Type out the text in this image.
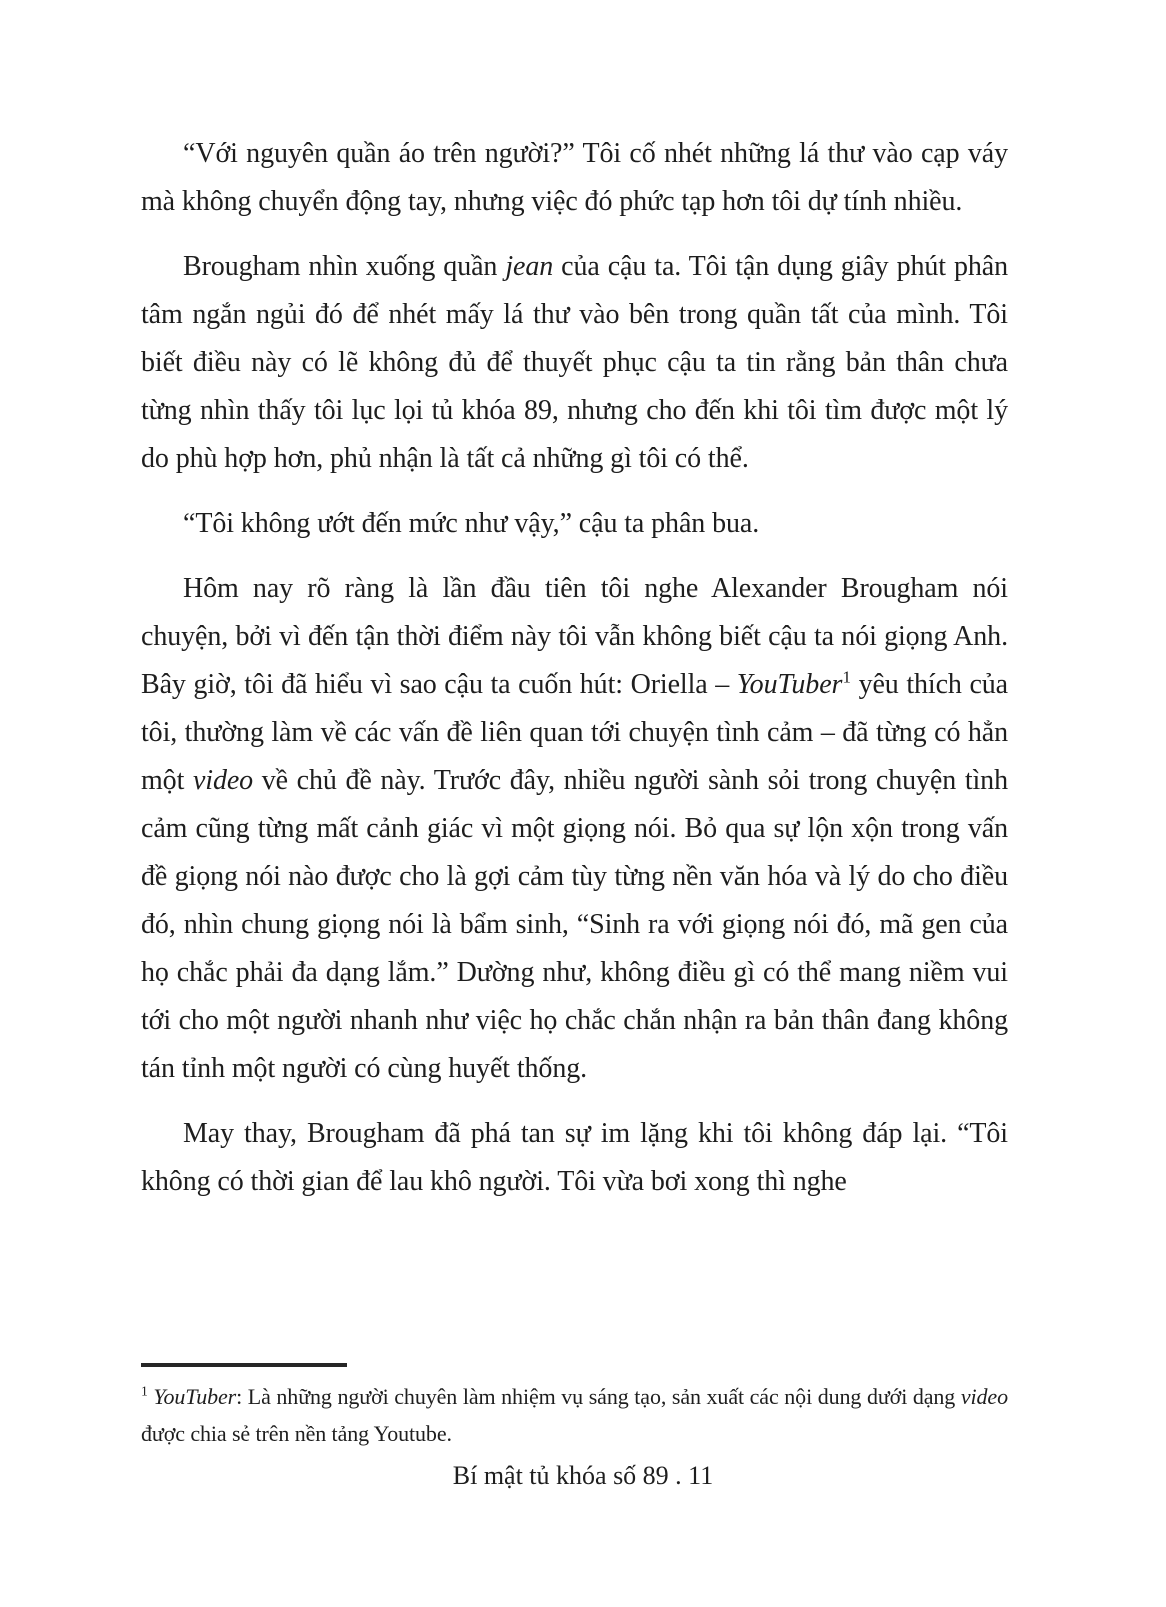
“Với nguyên quần áo trên người?” Tôi cố nhét những lá thư vào cạp váy mà không chuyển động tay, nhưng việc đó phức tạp hơn tôi dự tính nhiều.

Brougham nhìn xuống quần jean của cậu ta. Tôi tận dụng giây phút phân tâm ngắn ngủi đó để nhét mấy lá thư vào bên trong quần tất của mình. Tôi biết điều này có lẽ không đủ để thuyết phục cậu ta tin rằng bản thân chưa từng nhìn thấy tôi lục lọi tủ khóa 89, nhưng cho đến khi tôi tìm được một lý do phù hợp hơn, phủ nhận là tất cả những gì tôi có thể.

“Tôi không ướt đến mức như vậy,” cậu ta phân bua.

Hôm nay rõ ràng là lần đầu tiên tôi nghe Alexander Brougham nói chuyện, bởi vì đến tận thời điểm này tôi vẫn không biết cậu ta nói giọng Anh. Bây giờ, tôi đã hiểu vì sao cậu ta cuốn hút: Oriella – YouTuber$^1$ yêu thích của tôi, thường làm về các vấn đề liên quan tới chuyện tình cảm – đã từng có hẳn một video về chủ đề này. Trước đây, nhiều người sành sỏi trong chuyện tình cảm cũng từng mất cảnh giác vì một giọng nói. Bỏ qua sự lộn xộn trong vấn đề giọng nói nào được cho là gợi cảm tùy từng nền văn hóa và lý do cho điều đó, nhìn chung giọng nói là bẩm sinh, “Sinh ra với giọng nói đó, mã gen của họ chắc phải đa dạng lắm.” Dường như, không điều gì có thể mang niềm vui tới cho một người nhanh như việc họ chắc chắn nhận ra bản thân đang không tán tỉnh một người có cùng huyết thống.

May thay, Brougham đã phá tan sự im lặng khi tôi không đáp lại. “Tôi không có thời gian để lau khô người. Tôi vừa bơi xong thì nghe

$^1$ YouTuber: Là những người chuyên làm nhiệm vụ sáng tạo, sản xuất các nội dung dưới dạng video được chia sẻ trên nền tảng Youtube.
Bí mật tủ khóa số 89 . 11
